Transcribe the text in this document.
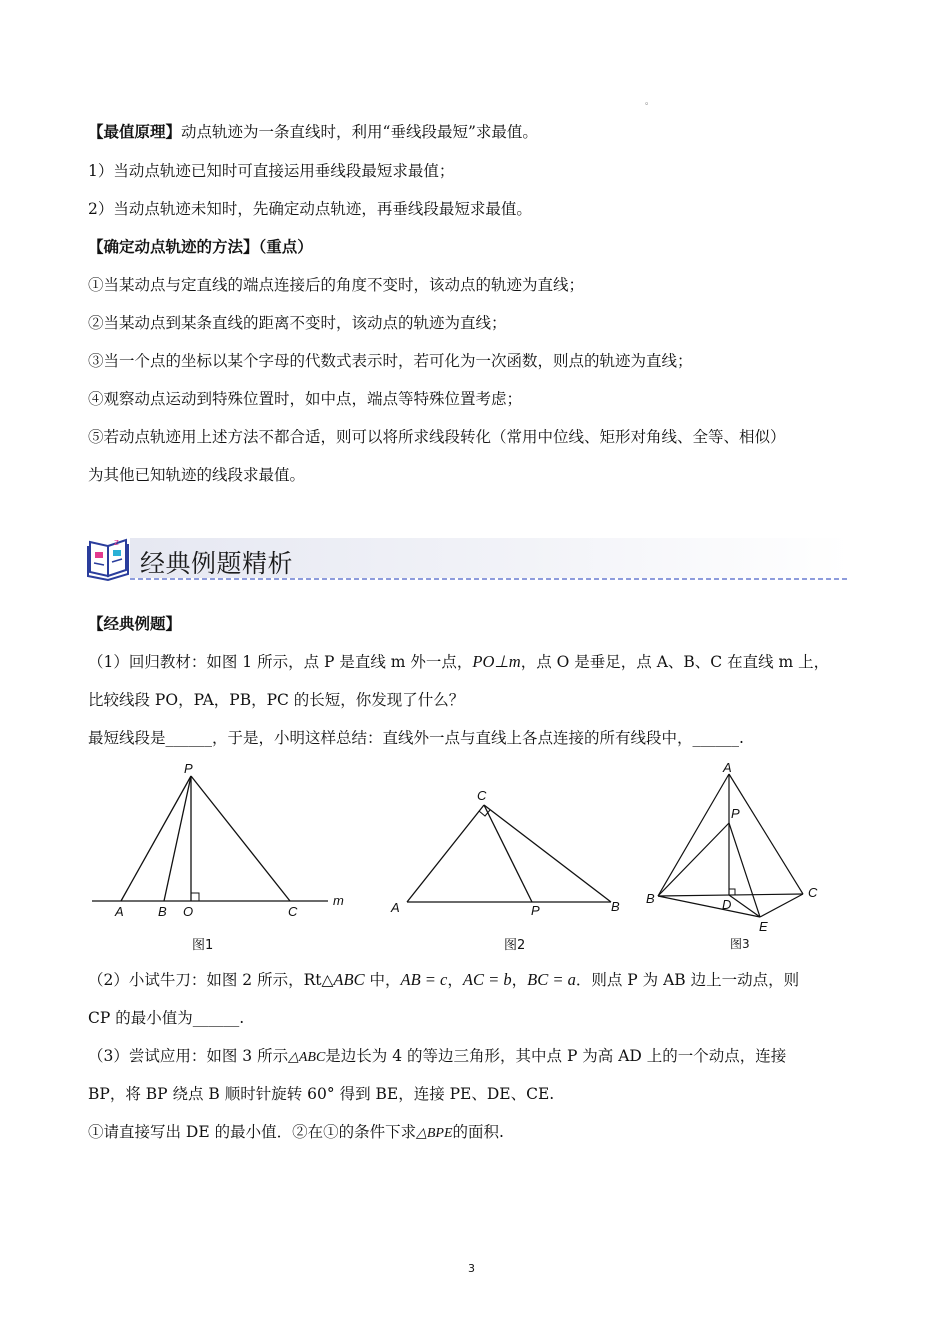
。
【最值原理】动点轨迹为一条直线时，利用“垂线段最短”求最值。
1）当动点轨迹已知时可直接运用垂线段最短求最值；
2）当动点轨迹未知时，先确定动点轨迹，再垂线段最短求最值。
【确定动点轨迹的方法】（重点）
①当某动点与定直线的端点连接后的角度不变时，该动点的轨迹为直线；
②当某动点到某条直线的距离不变时，该动点的轨迹为直线；
③当一个点的坐标以某个字母的代数式表示时，若可化为一次函数，则点的轨迹为直线；
④观察动点运动到特殊位置时，如中点，端点等特殊位置考虑；
⑤若动点轨迹用上述方法不都合适，则可以将所求线段转化（常用中位线、矩形对角线、全等、相似）
为其他已知轨迹的线段求最值。
z
经典例题精析
【经典例题】
（1）回归教材：如图 1 所示，点 P 是直线 m 外一点，PO⊥m，点 O 是垂足，点 A、B、C 在直线 m 上，
比较线段 PO，PA，PB，PC 的长短，你发现了什么？
最短线段是______，于是，小明这样总结：直线外一点与直线上各点连接的所有线段中，______.
P
A	B O	C
m
图1
C
A	P	B
图2
A
P
B	D
C
E
图3
（2）小试牛刀：如图 2 所示，Rt△ABC 中，AB = c，AC = b，BC = a．则点 P 为 AB 边上一动点，则
CP 的最小值为______.
（3）尝试应用：如图 3 所示△ABC是边长为 4 的等边三角形，其中点 P 为高 AD 上的一个动点，连接
BP，将 BP 绕点 B 顺时针旋转 60° 得到 BE，连接 PE、DE、CE.
①请直接写出 DE 的最小值．②在①的条件下求△BPE的面积.
3
